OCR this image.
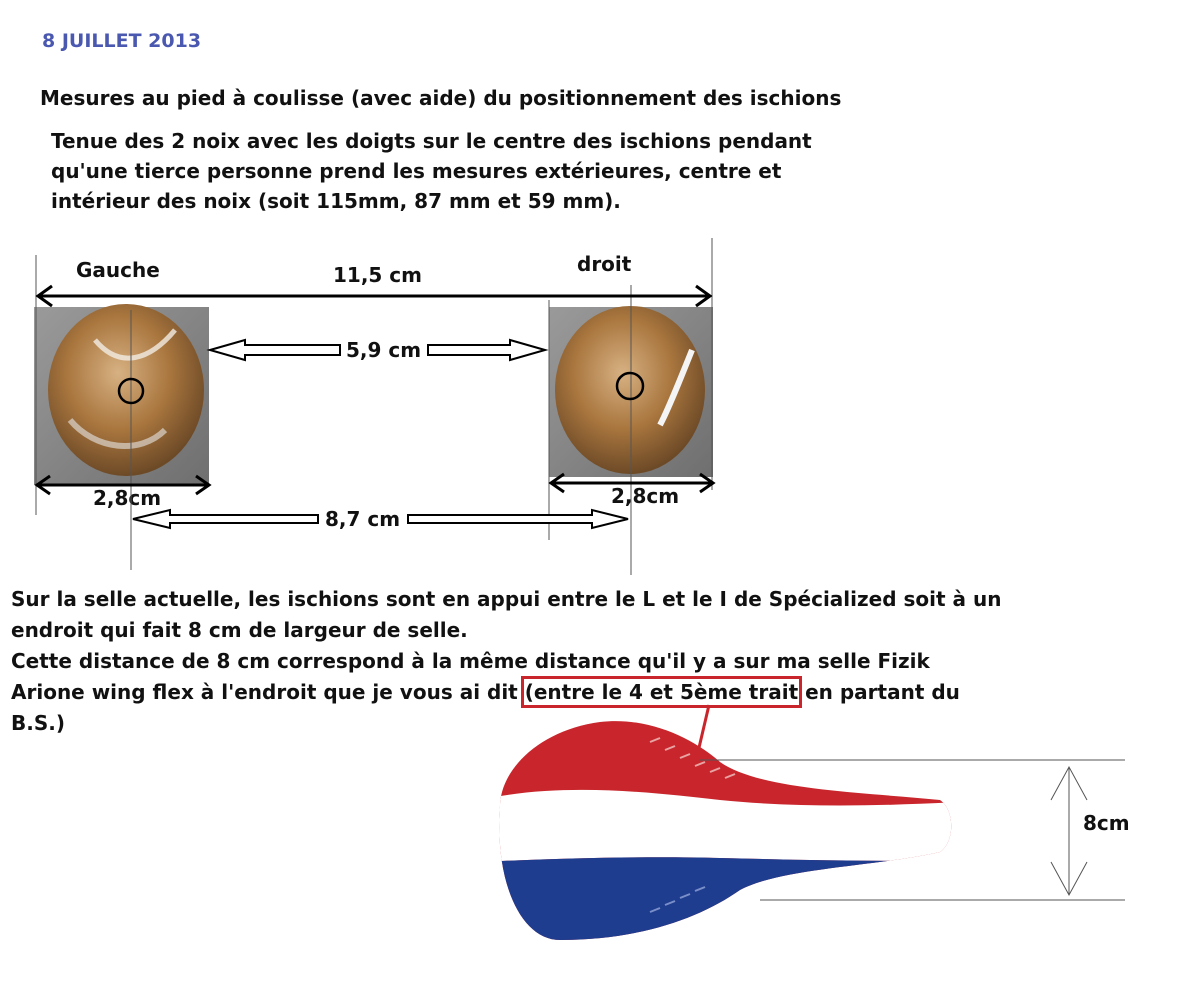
8 JUILLET 2013
Mesures au pied à coulisse (avec aide) du positionnement des ischions
Tenue des 2 noix avec les doigts sur le centre des ischions pendant
qu'une tierce personne prend les mesures extérieures, centre et
intérieur des noix (soit 115mm, 87 mm et 59 mm).
Gauche	droit
11,5 cm
5,9 cm
2,8cm	2,8cm
8,7 cm
Sur la selle actuelle, les ischions sont en appui entre le L et le I de Spécialized soit à un
endroit qui fait 8 cm de largeur de selle.
Cette distance de 8 cm correspond à la même distance qu'il y a sur ma selle Fizik
Arione wing flex à l'endroit que je vous ai dit (entre le 4 et 5ème trait en partant du
B.S.)
8cm
